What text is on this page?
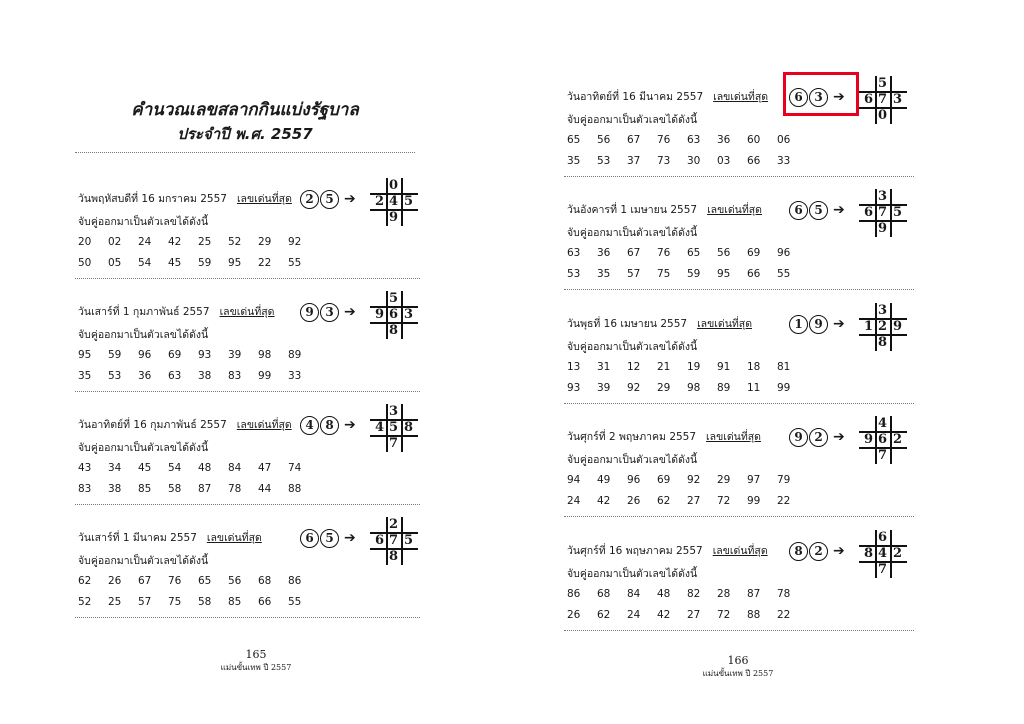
คำนวณเลขสลากกินแบ่งรัฐบาล
ประจำปี พ.ศ. 2557
วันพฤหัสบดีที่ 16 มกราคม 2557 เลขเด่นที่สุด
จับคู่ออกมาเป็นตัวเลขได้ดังนี้
20	02	24	42	25	52	29	92
50	05	54	45	59	95	22	55
2 5 ➔
0
2 4 5
9
วันเสาร์ที่ 1 กุมภาพันธ์ 2557 เลขเด่นที่สุด
จับคู่ออกมาเป็นตัวเลขได้ดังนี้
95	59	96	69	93	39	98	89
35	53	36	63	38	83	99	33
9 3 ➔
5
9 6 3
8
วันอาทิตย์ที่ 16 กุมภาพันธ์ 2557 เลขเด่นที่สุด
จับคู่ออกมาเป็นตัวเลขได้ดังนี้
43	34	45	54	48	84	47	74
83	38	85	58	87	78	44	88
4 8 ➔
3
4 5 8
7
วันเสาร์ที่ 1 มีนาคม 2557 เลขเด่นที่สุด
จับคู่ออกมาเป็นตัวเลขได้ดังนี้
62	26	67	76	65	56	68	86
52	25	57	75	58	85	66	55
6 5 ➔
2
6 7 5
8
165
แม่นขั้นเทพ ปี 2557
วันอาทิตย์ที่ 16 มีนาคม 2557 เลขเด่นที่สุด
จับคู่ออกมาเป็นตัวเลขได้ดังนี้
65	56	67	76	63	36	60	06
35	53	37	73	30	03	66	33
6 3 ➔
5
6 7 3
0
วันอังคารที่ 1 เมษายน 2557 เลขเด่นที่สุด
จับคู่ออกมาเป็นตัวเลขได้ดังนี้
63	36	67	76	65	56	69	96
53	35	57	75	59	95	66	55
6 5 ➔
3
6 7 5
9
วันพุธที่ 16 เมษายน 2557 เลขเด่นที่สุด
จับคู่ออกมาเป็นตัวเลขได้ดังนี้
13	31	12	21	19	91	18	81
93	39	92	29	98	89	11	99
1 9 ➔
3
1 2 9
8
วันศุกร์ที่ 2 พฤษภาคม 2557 เลขเด่นที่สุด
จับคู่ออกมาเป็นตัวเลขได้ดังนี้
94	49	96	69	92	29	97	79
24	42	26	62	27	72	99	22
9 2 ➔
4
9 6 2
7
วันศุกร์ที่ 16 พฤษภาคม 2557 เลขเด่นที่สุด
จับคู่ออกมาเป็นตัวเลขได้ดังนี้
86	68	84	48	82	28	87	78
26	62	24	42	27	72	88	22
8 2 ➔
6
8 4 2
7
166
แม่นขั้นเทพ ปี 2557
